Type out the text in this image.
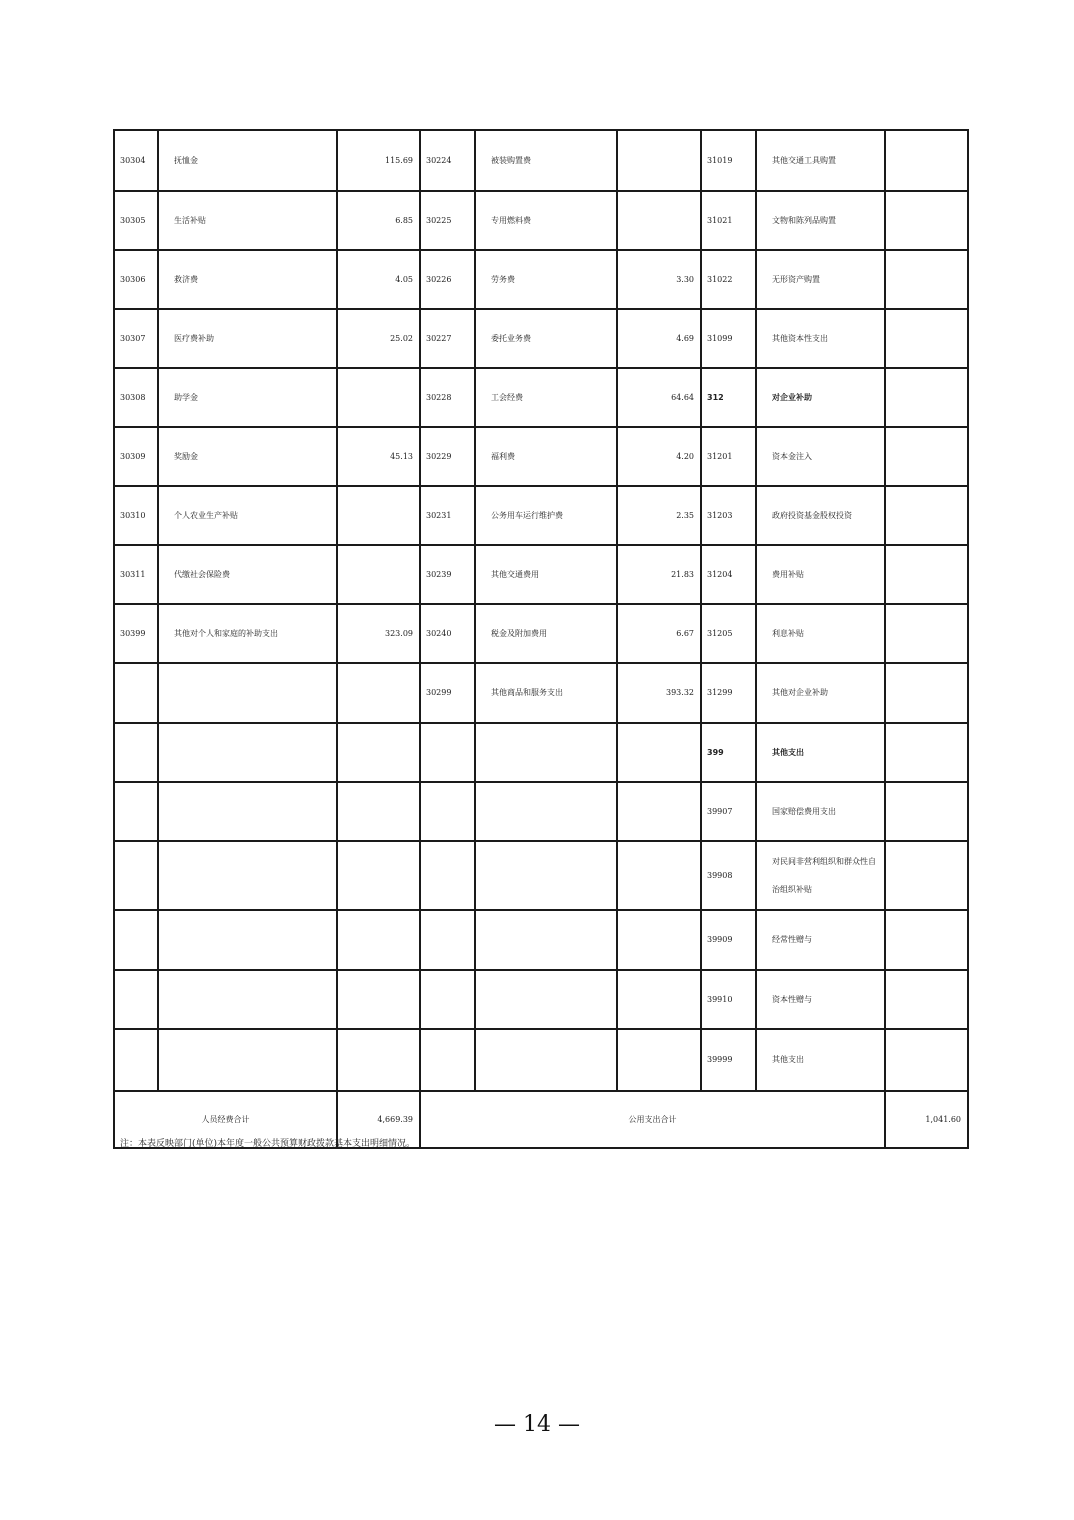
30304	抚恤金	115.69	30224	被装购置费		31019	其他交通工具购置	
30305	生活补贴	6.85	30225	专用燃料费		31021	文物和陈列品购置	
30306	救济费	4.05	30226	劳务费	3.30	31022	无形资产购置	
30307	医疗费补助	25.02	30227	委托业务费	4.69	31099	其他资本性支出	
30308	助学金		30228	工会经费	64.64	312	对企业补助	
30309	奖励金	45.13	30229	福利费	4.20	31201	资本金注入	
30310	个人农业生产补贴		30231	公务用车运行维护费	2.35	31203	政府投资基金股权投资	
30311	代缴社会保险费		30239	其他交通费用	21.83	31204	费用补贴	
30399	其他对个人和家庭的补助支出	323.09	30240	税金及附加费用	6.67	31205	利息补贴	
			30299	其他商品和服务支出	393.32	31299	其他对企业补助	
						399	其他支出	
						39907	国家赔偿费用支出	
						39908	对民间非营利组织和群众性自治组织补贴	
						39909	经常性赠与	
						39910	资本性赠与	
						39999	其他支出	
人员经费合计		4,669.39	公用支出合计					1,041.60
注：本表反映部门(单位)本年度一般公共预算财政拨款基本支出明细情况。
— 14 —
